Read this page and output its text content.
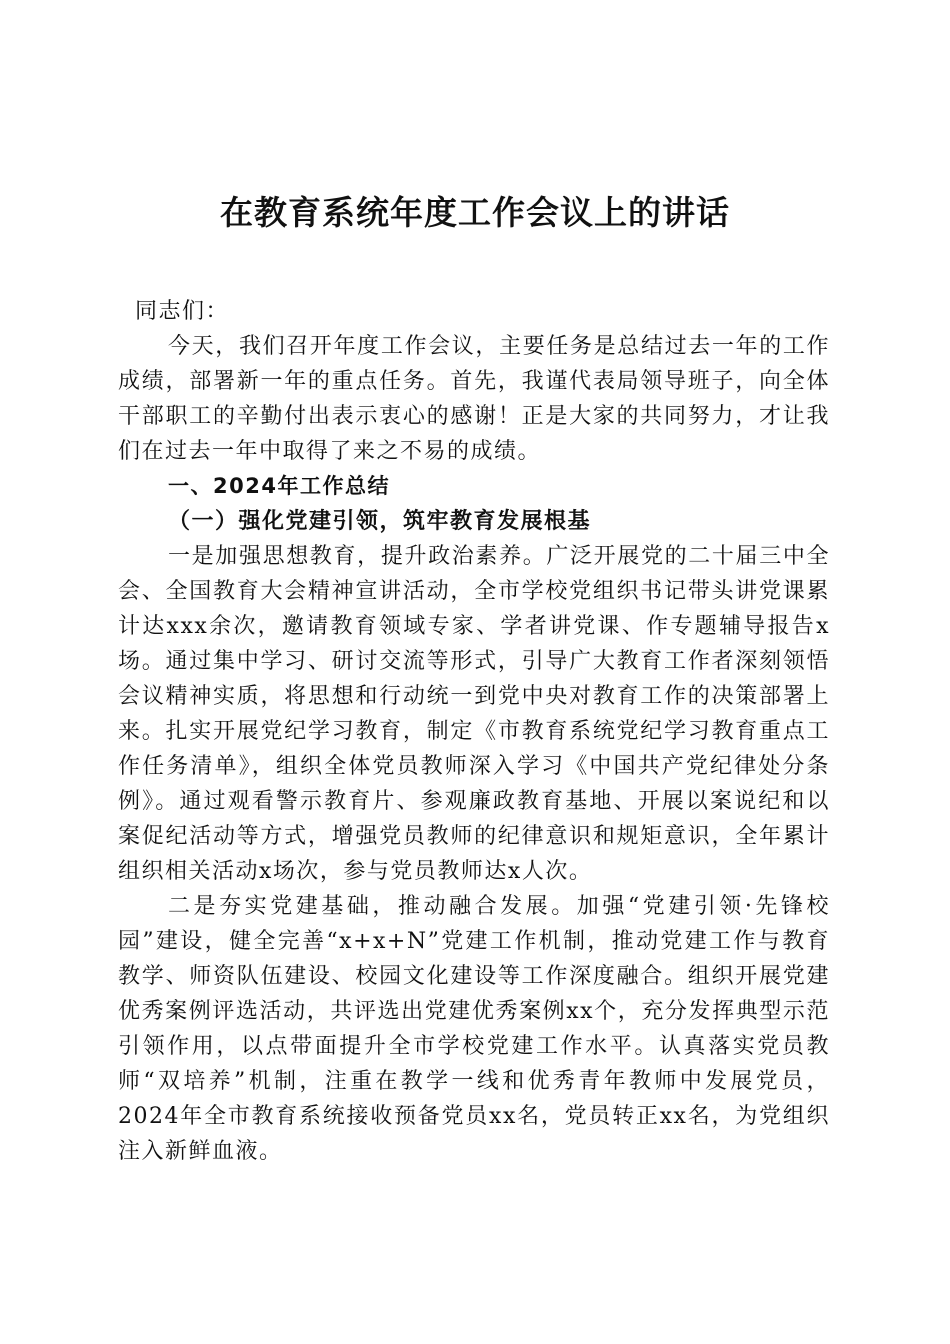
在教育系统年度工作会议上的讲话

同志们：

今天，我们召开年度工作会议，主要任务是总结过去一年的工作成绩，部署新一年的重点任务。首先，我谨代表局领导班子，向全体干部职工的辛勤付出表示衷心的感谢！正是大家的共同努力，才让我们在过去一年中取得了来之不易的成绩。

一、2024年工作总结

（一）强化党建引领，筑牢教育发展根基

一是加强思想教育，提升政治素养。广泛开展党的二十届三中全会、全国教育大会精神宣讲活动，全市学校党组织书记带头讲党课累计达xxx余次，邀请教育领域专家、学者讲党课、作专题辅导报告x场。通过集中学习、研讨交流等形式，引导广大教育工作者深刻领悟会议精神实质，将思想和行动统一到党中央对教育工作的决策部署上来。扎实开展党纪学习教育，制定《市教育系统党纪学习教育重点工作任务清单》，组织全体党员教师深入学习《中国共产党纪律处分条例》。通过观看警示教育片、参观廉政教育基地、开展以案说纪和以案促纪活动等方式，增强党员教师的纪律意识和规矩意识，全年累计组织相关活动x场次，参与党员教师达x人次。

二是夯实党建基础，推动融合发展。加强“党建引领·先锋校园”建设，健全完善“x+x+N”党建工作机制，推动党建工作与教育教学、师资队伍建设、校园文化建设等工作深度融合。组织开展党建优秀案例评选活动，共评选出党建优秀案例xx个，充分发挥典型示范引领作用，以点带面提升全市学校党建工作水平。认真落实党员教师“双培养”机制，注重在教学一线和优秀青年教师中发展党员，2024年全市教育系统接收预备党员xx名，党员转正xx名，为党组织注入新鲜血液。
